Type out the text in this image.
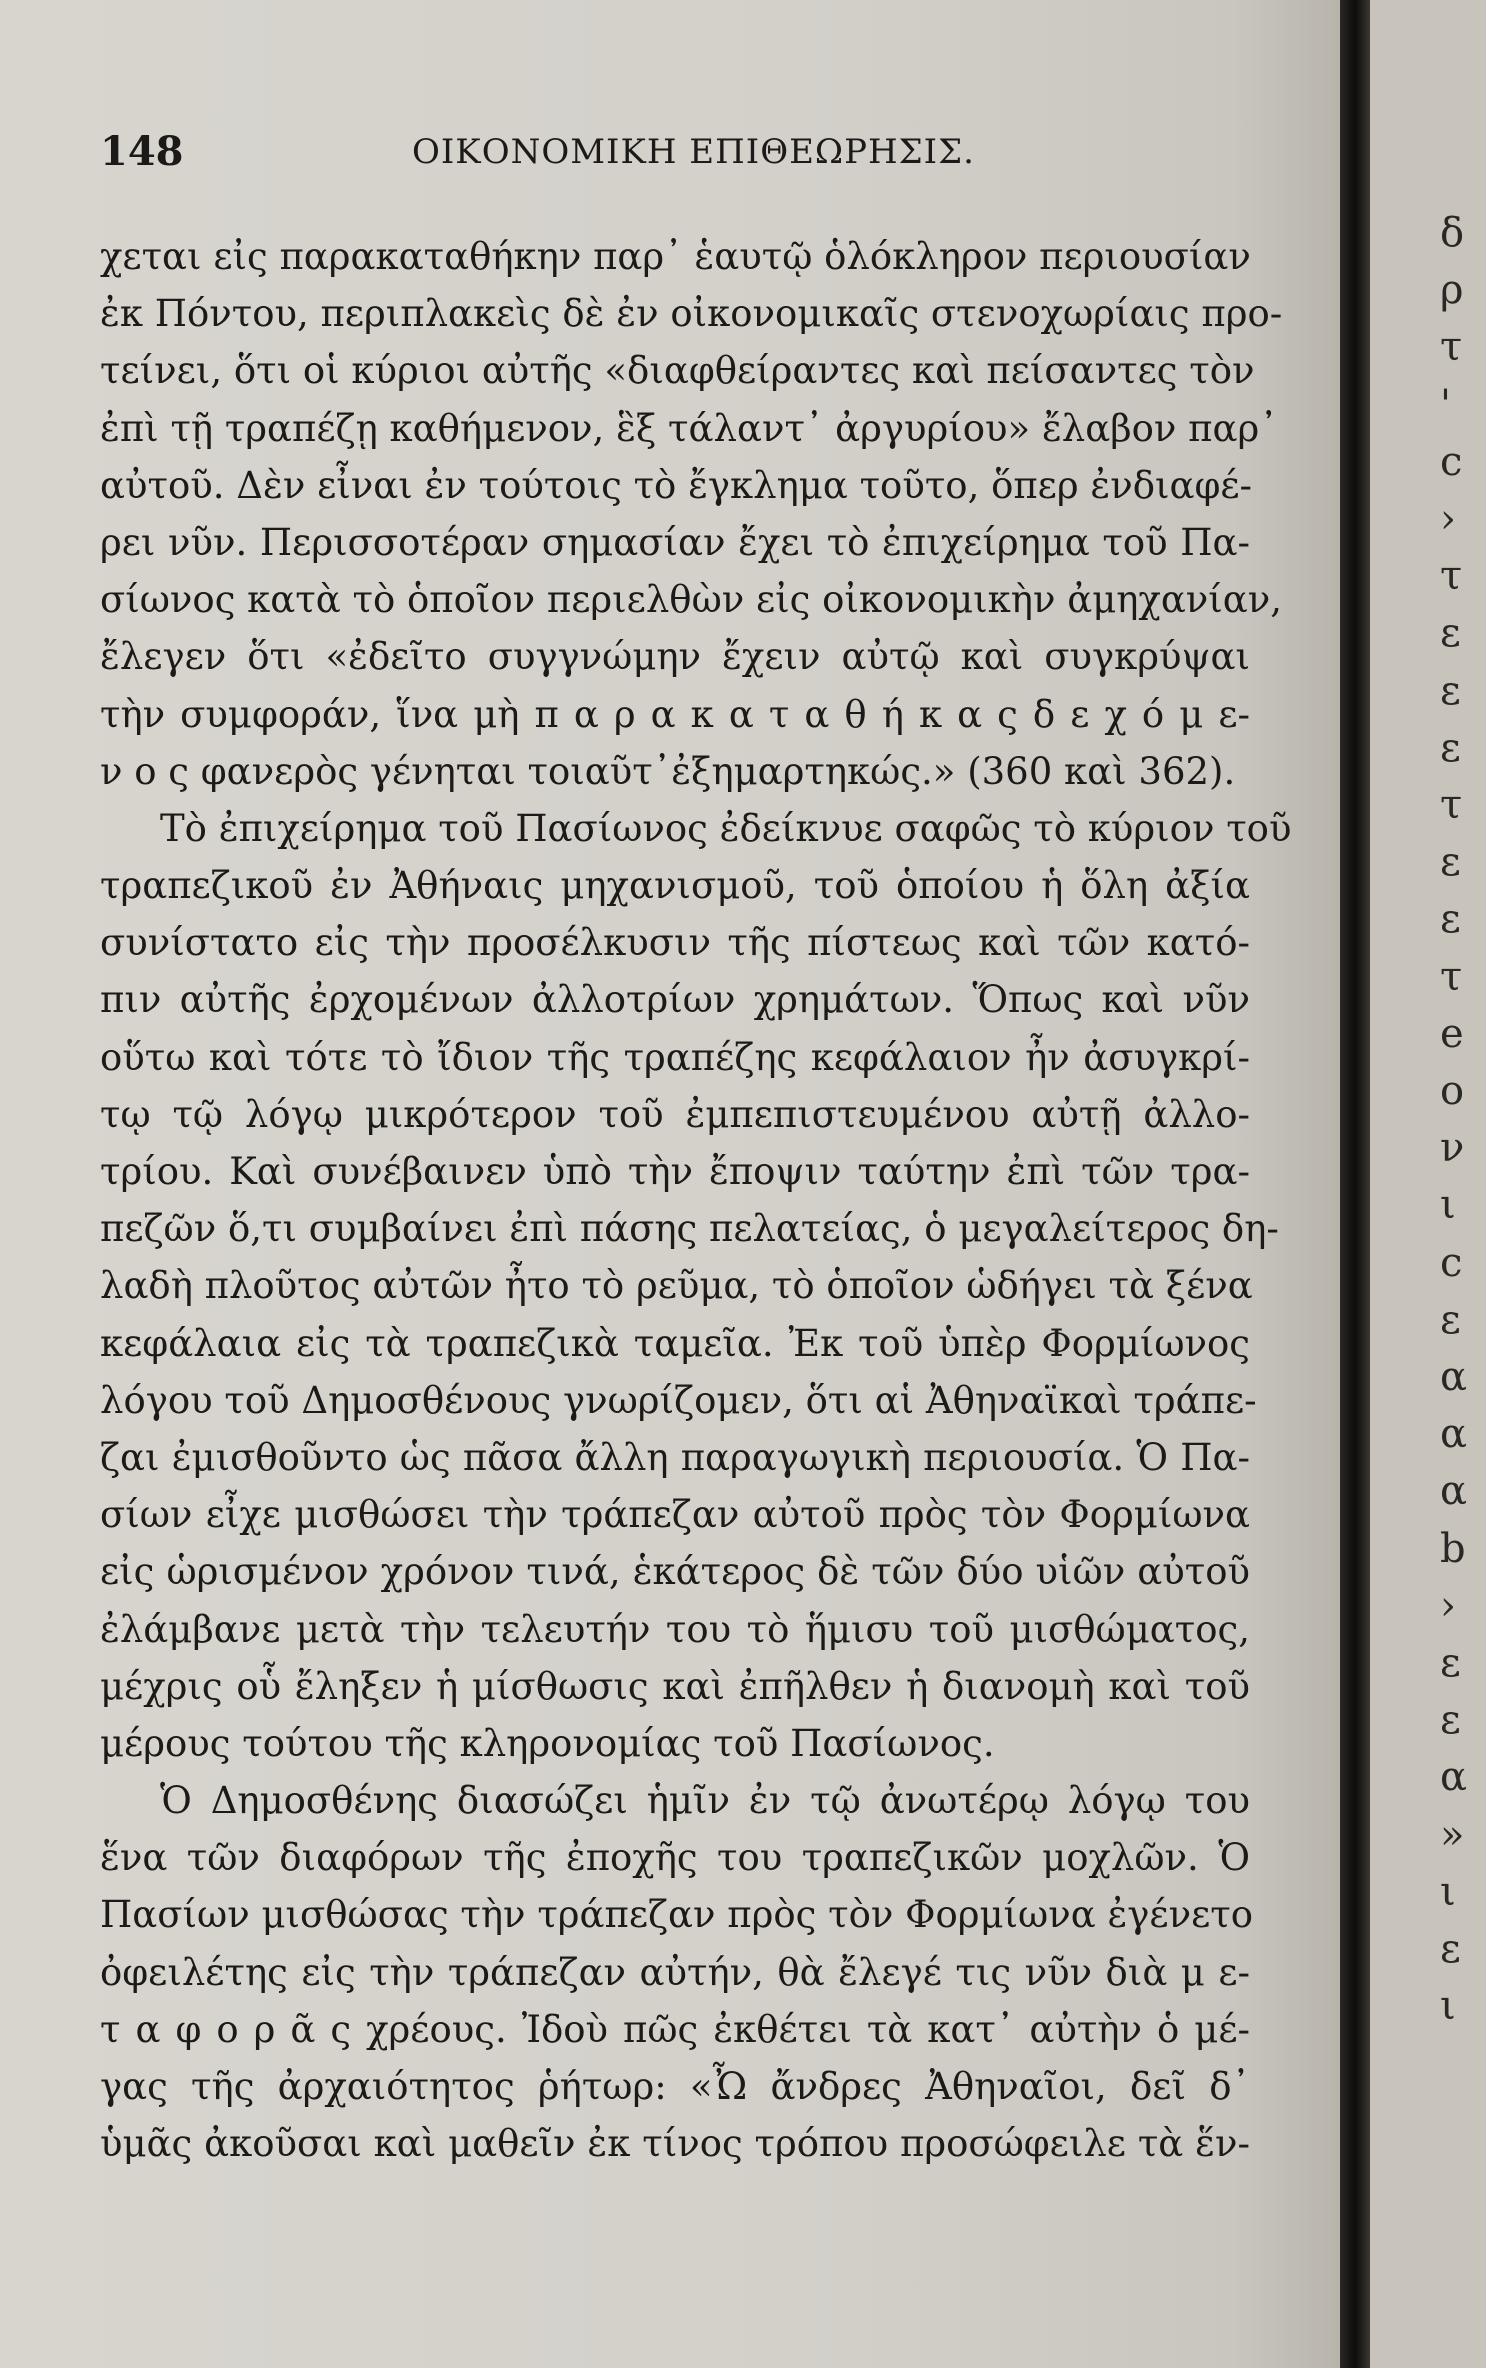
148	ΟΙΚΟΝΟΜΙΚΗ ΕΠΙΘΕΩΡΗΣΙΣ.
χεται εἰς παρακαταθήκην παρ᾽ ἑαυτῷ ὁλόκληρον περιουσίαν
ἐκ Πόντου, περιπλακεὶς δὲ ἐν οἰκονομικαῖς στενοχωρίαις προ-
τείνει, ὅτι οἱ κύριοι αὐτῆς «διαφθείραντες καὶ πείσαντες τὸν
ἐπὶ τῇ τραπέζῃ καθήμενον, ἓξ τάλαντ᾽ ἀργυρίου» ἔλαβον παρ᾽
αὐτοῦ. Δὲν εἶναι ἐν τούτοις τὸ ἔγκλημα τοῦτο, ὅπερ ἐνδιαφέ-
ρει νῦν. Περισσοτέραν σημασίαν ἔχει τὸ ἐπιχείρημα τοῦ Πα-
σίωνος κατὰ τὸ ὁποῖον περιελθὼν εἰς οἰκονομικὴν ἀμηχανίαν,
ἔλεγεν ὅτι «ἐδεῖτο συγγνώμην ἔχειν αὐτῷ καὶ συγκρύψαι
τὴν συμφοράν, ἵνα μὴ π α ρ α κ α τ α θ ή κ α ς δ ε χ ό μ ε-
ν ο ς φανερὸς γένηται τοιαῦτ᾽ἐξημαρτηκώς.» (360 καὶ 362).
Τὸ ἐπιχείρημα τοῦ Πασίωνος ἐδείκνυε σαφῶς τὸ κύριον τοῦ
τραπεζικοῦ ἐν Ἀθήναις μηχανισμοῦ, τοῦ ὁποίου ἡ ὅλη ἀξία
συνίστατο εἰς τὴν προσέλκυσιν τῆς πίστεως καὶ τῶν κατό-
πιν αὐτῆς ἐρχομένων ἀλλοτρίων χρημάτων. Ὅπως καὶ νῦν
οὕτω καὶ τότε τὸ ἴδιον τῆς τραπέζης κεφάλαιον ἦν ἀσυγκρί-
τῳ τῷ λόγῳ μικρότερον τοῦ ἐμπεπιστευμένου αὐτῇ ἀλλο-
τρίου. Καὶ συνέβαινεν ὑπὸ τὴν ἔποψιν ταύτην ἐπὶ τῶν τρα-
πεζῶν ὅ,τι συμβαίνει ἐπὶ πάσης πελατείας, ὁ μεγαλείτερος δη-
λαδὴ πλοῦτος αὐτῶν ἦτο τὸ ρεῦμα, τὸ ὁποῖον ὡδήγει τὰ ξένα
κεφάλαια εἰς τὰ τραπεζικὰ ταμεῖα. Ἐκ τοῦ ὑπὲρ Φορμίωνος
λόγου τοῦ Δημοσθένους γνωρίζομεν, ὅτι αἱ Ἀθηναϊκαὶ τράπε-
ζαι ἐμισθοῦντο ὡς πᾶσα ἄλλη παραγωγικὴ περιουσία. Ὁ Πα-
σίων εἶχε μισθώσει τὴν τράπεζαν αὐτοῦ πρὸς τὸν Φορμίωνα
εἰς ὡρισμένον χρόνον τινά, ἑκάτερος δὲ τῶν δύο υἱῶν αὐτοῦ
ἐλάμβανε μετὰ τὴν τελευτήν του τὸ ἥμισυ τοῦ μισθώματος,
μέχρις οὗ ἔληξεν ἡ μίσθωσις καὶ ἐπῆλθεν ἡ διανομὴ καὶ τοῦ
μέρους τούτου τῆς κληρονομίας τοῦ Πασίωνος.
Ὁ Δημοσθένης διασώζει ἡμῖν ἐν τῷ ἀνωτέρῳ λόγῳ του
ἕνα τῶν διαφόρων τῆς ἐποχῆς του τραπεζικῶν μοχλῶν. Ὁ
Πασίων μισθώσας τὴν τράπεζαν πρὸς τὸν Φορμίωνα ἐγένετο
ὀφειλέτης εἰς τὴν τράπεζαν αὐτήν, θὰ ἔλεγέ τις νῦν διὰ μ ε-
τ α φ ο ρ ᾶ ς χρέους. Ἰδοὺ πῶς ἐκθέτει τὰ κατ᾽ αὐτὴν ὁ μέ-
γας τῆς ἀρχαιότητος ῥήτωρ: «Ὦ ἄνδρες Ἀθηναῖοι, δεῖ δ᾽
ὑμᾶς ἀκοῦσαι καὶ μαθεῖν ἐκ τίνος τρόπου προσώφειλε τὰ ἕν-
δ
ρ
τ
'
c
›
τ
ε
ε
ε
τ
ε
ε
τ
e
o
ν
ι
c
ε
α
α
α
b
›
ε
ε
α
»
ι
ε
ι
